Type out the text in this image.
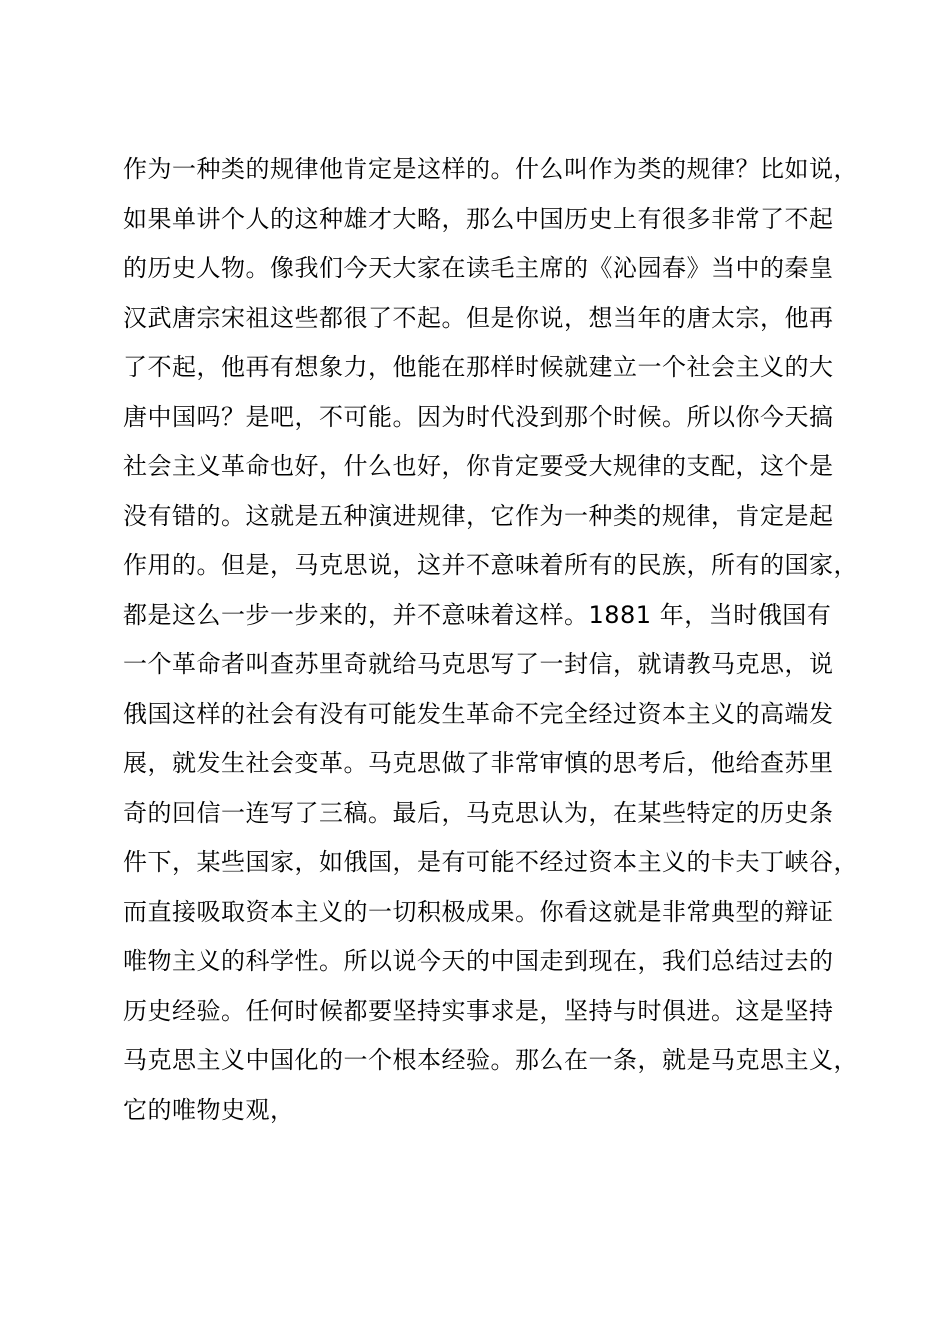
作为一种类的规律他肯定是这样的。什么叫作为类的规律？比如说，
如果单讲个人的这种雄才大略，那么中国历史上有很多非常了不起
的历史人物。像我们今天大家在读毛主席的《沁园春》当中的秦皇
汉武唐宗宋祖这些都很了不起。但是你说，想当年的唐太宗，他再
了不起，他再有想象力，他能在那样时候就建立一个社会主义的大
唐中国吗？是吧，不可能。因为时代没到那个时候。所以你今天搞
社会主义革命也好，什么也好，你肯定要受大规律的支配，这个是
没有错的。这就是五种演进规律，它作为一种类的规律，肯定是起
作用的。但是，马克思说，这并不意味着所有的民族，所有的国家，
都是这么一步一步来的，并不意味着这样。1881 年，当时俄国有
一个革命者叫查苏里奇就给马克思写了一封信，就请教马克思，说
俄国这样的社会有没有可能发生革命不完全经过资本主义的高端发
展，就发生社会变革。马克思做了非常审慎的思考后，他给查苏里
奇的回信一连写了三稿。最后，马克思认为，在某些特定的历史条
件下，某些国家，如俄国，是有可能不经过资本主义的卡夫丁峡谷，
而直接吸取资本主义的一切积极成果。你看这就是非常典型的辩证
唯物主义的科学性。所以说今天的中国走到现在，我们总结过去的
历史经验。任何时候都要坚持实事求是，坚持与时俱进。这是坚持
马克思主义中国化的一个根本经验。那么在一条，就是马克思主义，
它的唯物史观，
